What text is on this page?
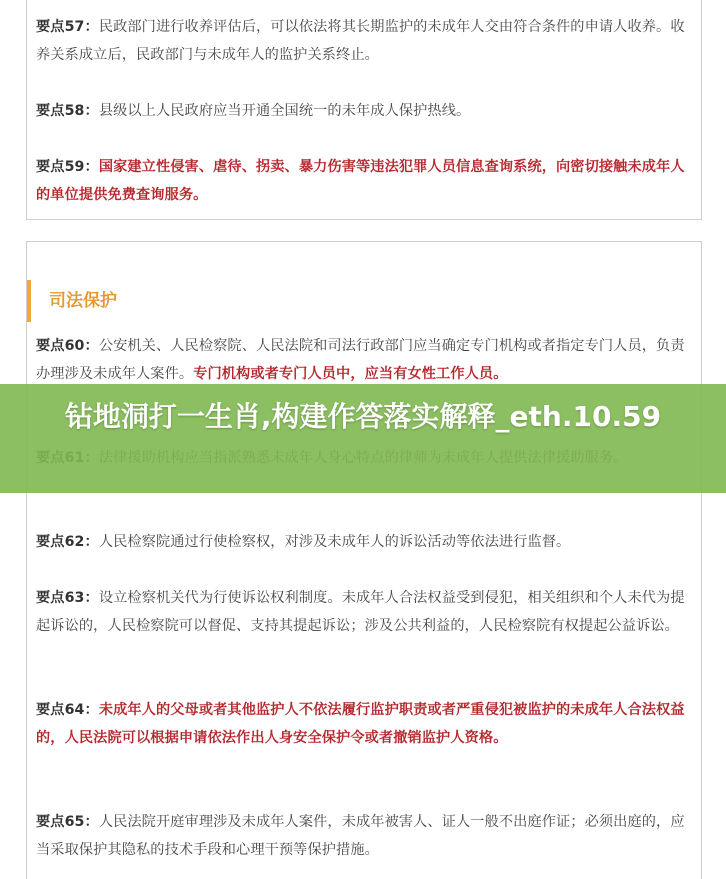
要点57：民政部门进行收养评估后，可以依法将其长期监护的未成年人交由符合条件的申请人收养。收养关系成立后，民政部门与未成年人的监护关系终止。

要点58：县级以上人民政府应当开通全国统一的未年成人保护热线。

要点59：国家建立性侵害、虐待、拐卖、暴力伤害等违法犯罪人员信息查询系统，向密切接触未成年人的单位提供免费查询服务。

司法保护

要点60：公安机关、人民检察院、人民法院和司法行政部门应当确定专门机构或者指定专门人员，负责办理涉及未成年人案件。专门机构或者专门人员中，应当有女性工作人员。

要点62：人民检察院通过行使检察权，对涉及未成年人的诉讼活动等依法进行监督。

要点63：设立检察机关代为行使诉讼权利制度。未成年人合法权益受到侵犯，相关组织和个人未代为提起诉讼的，人民检察院可以督促、支持其提起诉讼；涉及公共利益的，人民检察院有权提起公益诉讼。

要点64：未成年人的父母或者其他监护人不依法履行监护职责或者严重侵犯被监护的未成年人合法权益的，人民法院可以根据申请依法作出人身安全保护令或者撤销监护人资格。

要点65：人民法院开庭审理涉及未成年人案件，未成年被害人、证人一般不出庭作证；必须出庭的，应当采取保护其隐私的技术手段和心理干预等保护措施。

钻地洞打一生肖,构建作答落实解释_eth.10.59
